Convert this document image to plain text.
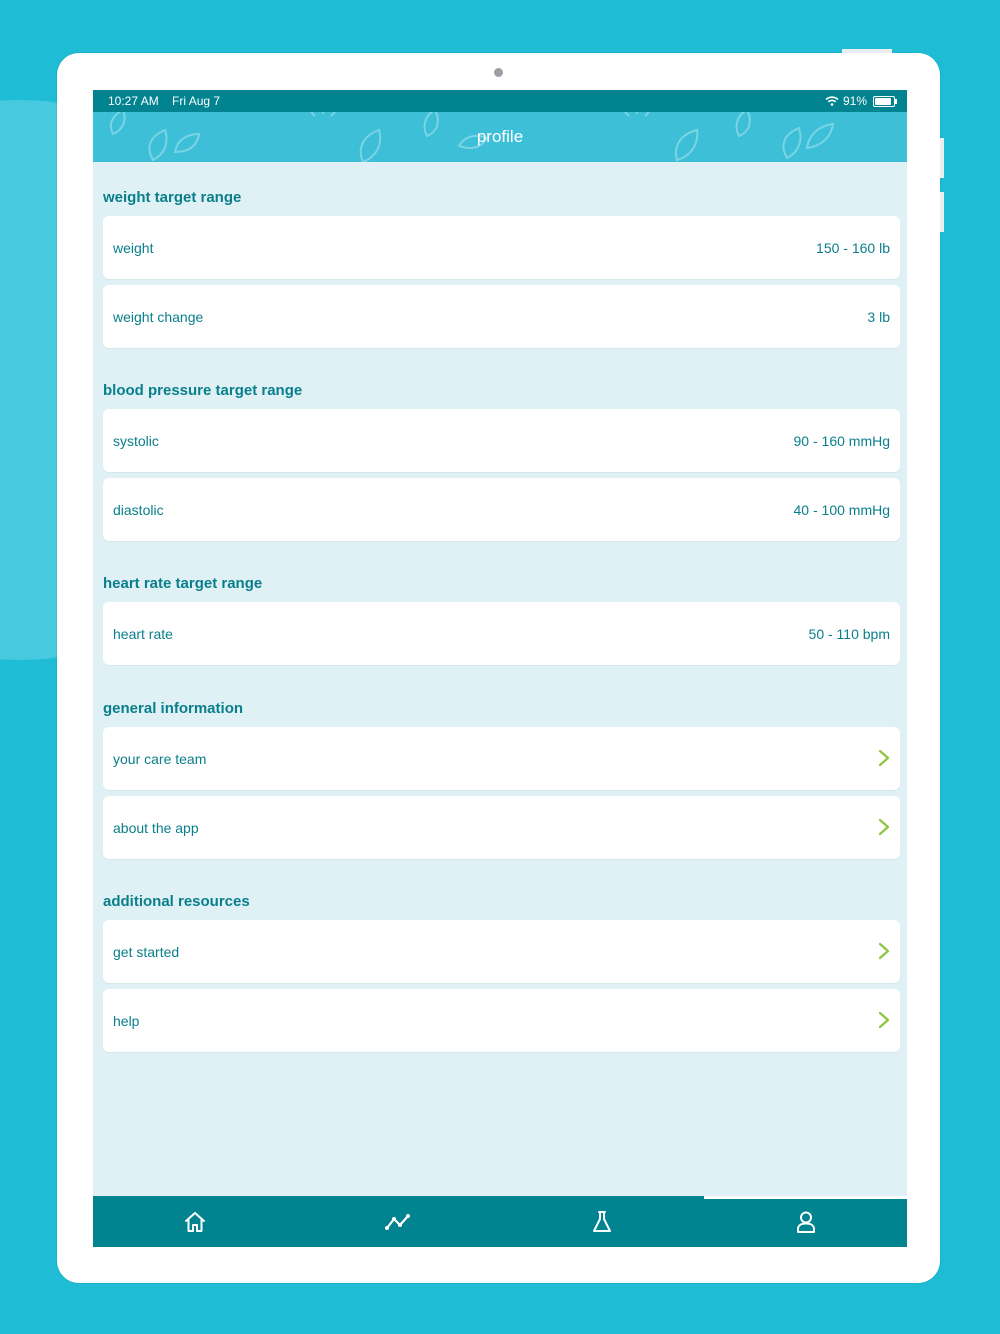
10:27 AM Fri Aug 7	91%
profile
weight target range
weight	150 - 160 lb
weight change	3 lb
blood pressure target range
systolic	90 - 160 mmHg
diastolic	40 - 100 mmHg
heart rate target range
heart rate	50 - 110 bpm
general information
your care team
about the app
additional resources
get started
help
